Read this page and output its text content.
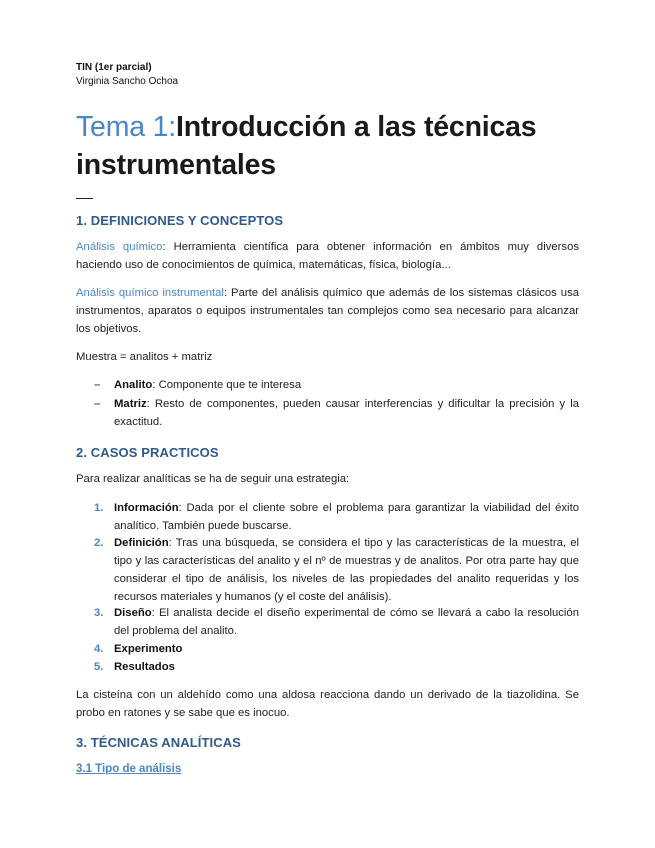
TIN (1er parcial)
Virginia Sancho Ochoa
Tema 1:Introducción a las técnicas instrumentales
1. DEFINICIONES Y CONCEPTOS
Análisis químico: Herramienta científica para obtener información en ámbitos muy diversos haciendo uso de conocimientos de química, matemáticas, física, biología...
Análisis químico instrumental: Parte del análisis químico que además de los sistemas clásicos usa instrumentos, aparatos o equipos instrumentales tan complejos como sea necesario para alcanzar los objetivos.
Muestra = analitos + matriz
– Analito: Componente que te interesa
– Matriz: Resto de componentes, pueden causar interferencias y dificultar la precisión y la exactitud.
2. CASOS PRACTICOS
Para realizar analíticas se ha de seguir una estrategia:
1. Información: Dada por el cliente sobre el problema para garantizar la viabilidad del éxito analítico. También puede buscarse.
2. Definición: Tras una búsqueda, se considera el tipo y las características de la muestra, el tipo y las características del analito y el nº de muestras y de analitos. Por otra parte hay que considerar el tipo de análisis, los niveles de las propiedades del analito requeridas y los recursos materiales y humanos (y el coste del análisis).
3. Diseño: El analista decide el diseño experimental de cómo se llevará a cabo la resolución del problema del analito.
4. Experimento
5. Resultados
La cisteína con un aldehído como una aldosa reacciona dando un derivado de la tiazolidina. Se probo en ratones y se sabe que es inocuo.
3. TÉCNICAS ANALÍTICAS
3.1 Tipo de análisis
